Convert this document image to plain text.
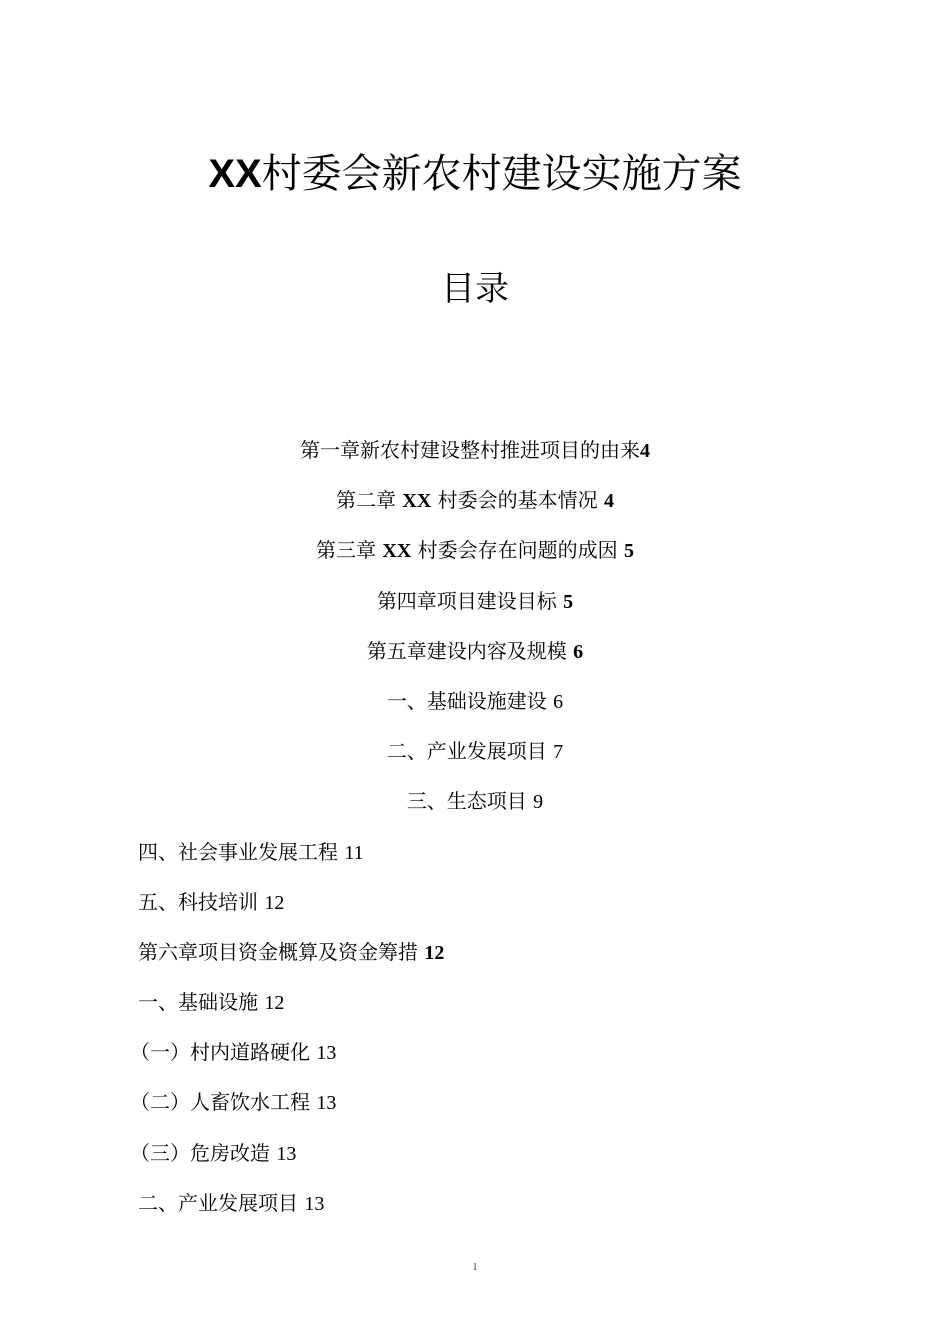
XX村委会新农村建设实施方案
目录
第一章新农村建设整村推进项目的由来4
第二章 XX 村委会的基本情况 4
第三章 XX 村委会存在问题的成因 5
第四章项目建设目标 5
第五章建设内容及规模 6
一、基础设施建设 6
二、产业发展项目 7
三、生态项目 9
四、社会事业发展工程 11
五、科技培训 12
第六章项目资金概算及资金筹措 12
一、基础设施 12
（一）村内道路硬化 13
（二）人畜饮水工程 13
（三）危房改造 13
二、产业发展项目 13
1
